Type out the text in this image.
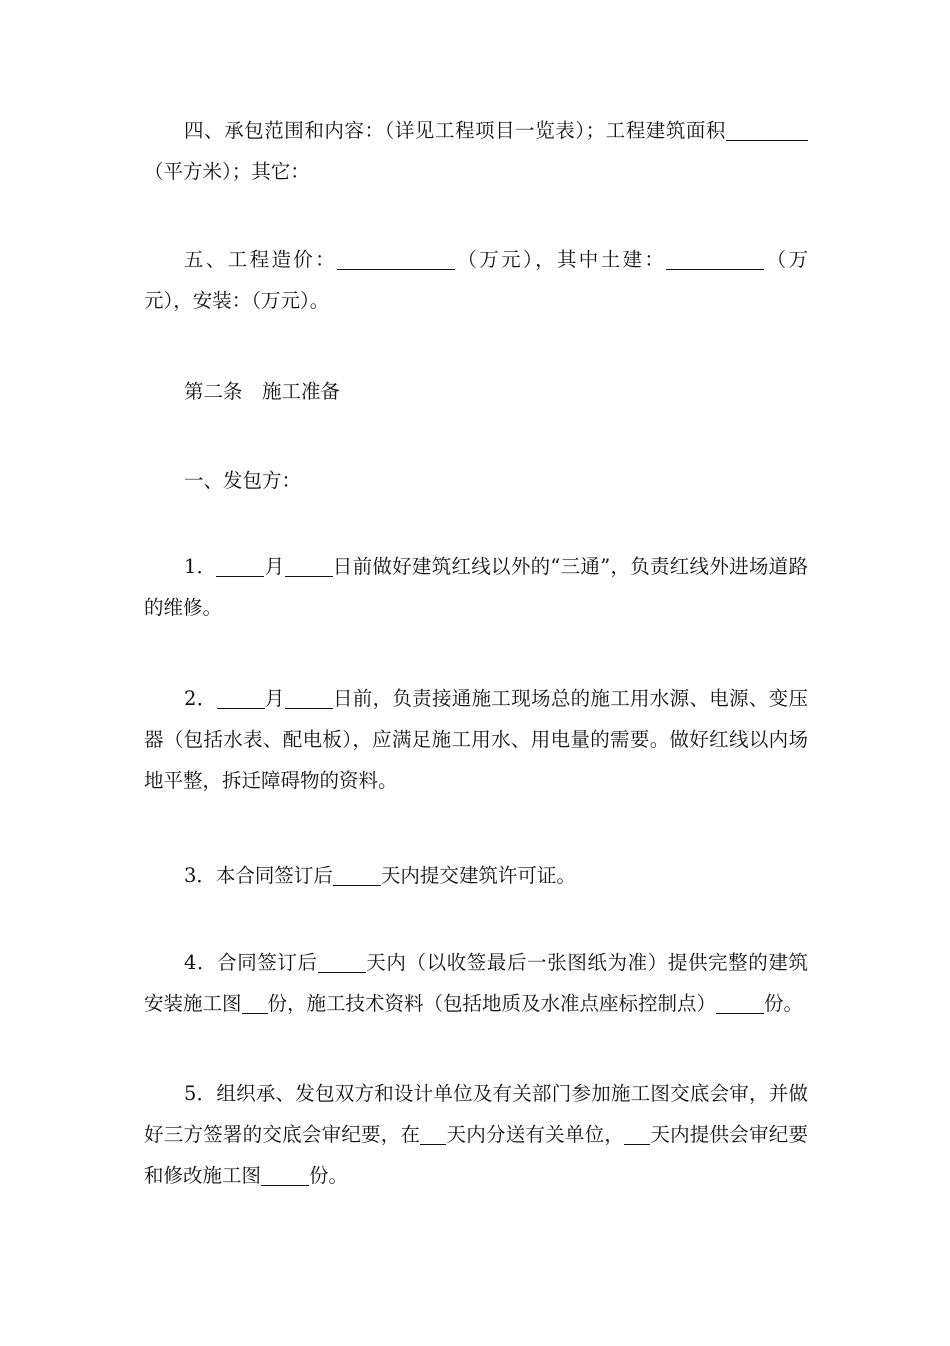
四、承包范围和内容：（详见工程项目一览表）；工程建筑面积（平方米）；其它：

五、工程造价：	（万元），其中土建：	（万元），安装：（万元）。

第二条　施工准备

一、发包方：

1． 月 日前做好建筑红线以外的“三通”，负责红线外进场道路的维修。

2． 月 日前，负责接通施工现场总的施工用水源、电源、变压器（包括水表、配电板），应满足施工用水、用电量的需要。做好红线以内场地平整，拆迁障碍物的资料。

3．本合同签订后 天内提交建筑许可证。

4．合同签订后 天内（以收签最后一张图纸为准）提供完整的建筑安装施工图 份，施工技术资料（包括地质及水准点座标控制点） 份。

5．组织承、发包双方和设计单位及有关部门参加施工图交底会审，并做好三方签署的交底会审纪要，在 天内分送有关单位， 天内提供会审纪要和修改施工图 份。
